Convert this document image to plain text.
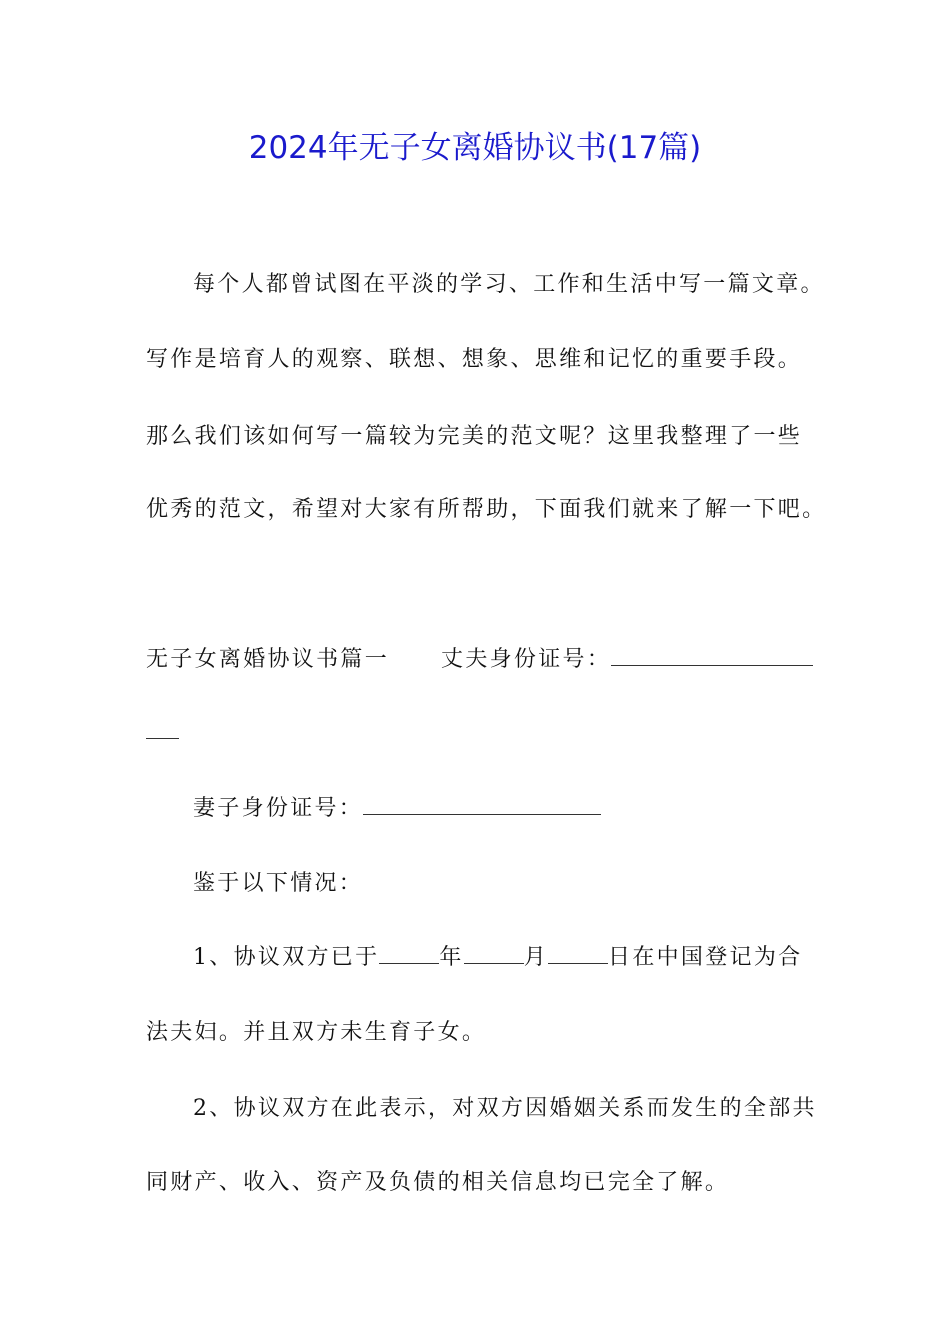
2024年无子女离婚协议书(17篇)
每个人都曾试图在平淡的学习、工作和生活中写一篇文章。
写作是培育人的观察、联想、想象、思维和记忆的重要手段。
那么我们该如何写一篇较为完美的范文呢？这里我整理了一些
优秀的范文，希望对大家有所帮助，下面我们就来了解一下吧。
无子女离婚协议书篇一 丈夫身份证号：
妻子身份证号：
鉴于以下情况：
1、协议双方已于	年	月	日在中国登记为合
法夫妇。并且双方未生育子女。
2、协议双方在此表示，对双方因婚姻关系而发生的全部共
同财产、收入、资产及负债的相关信息均已完全了解。
